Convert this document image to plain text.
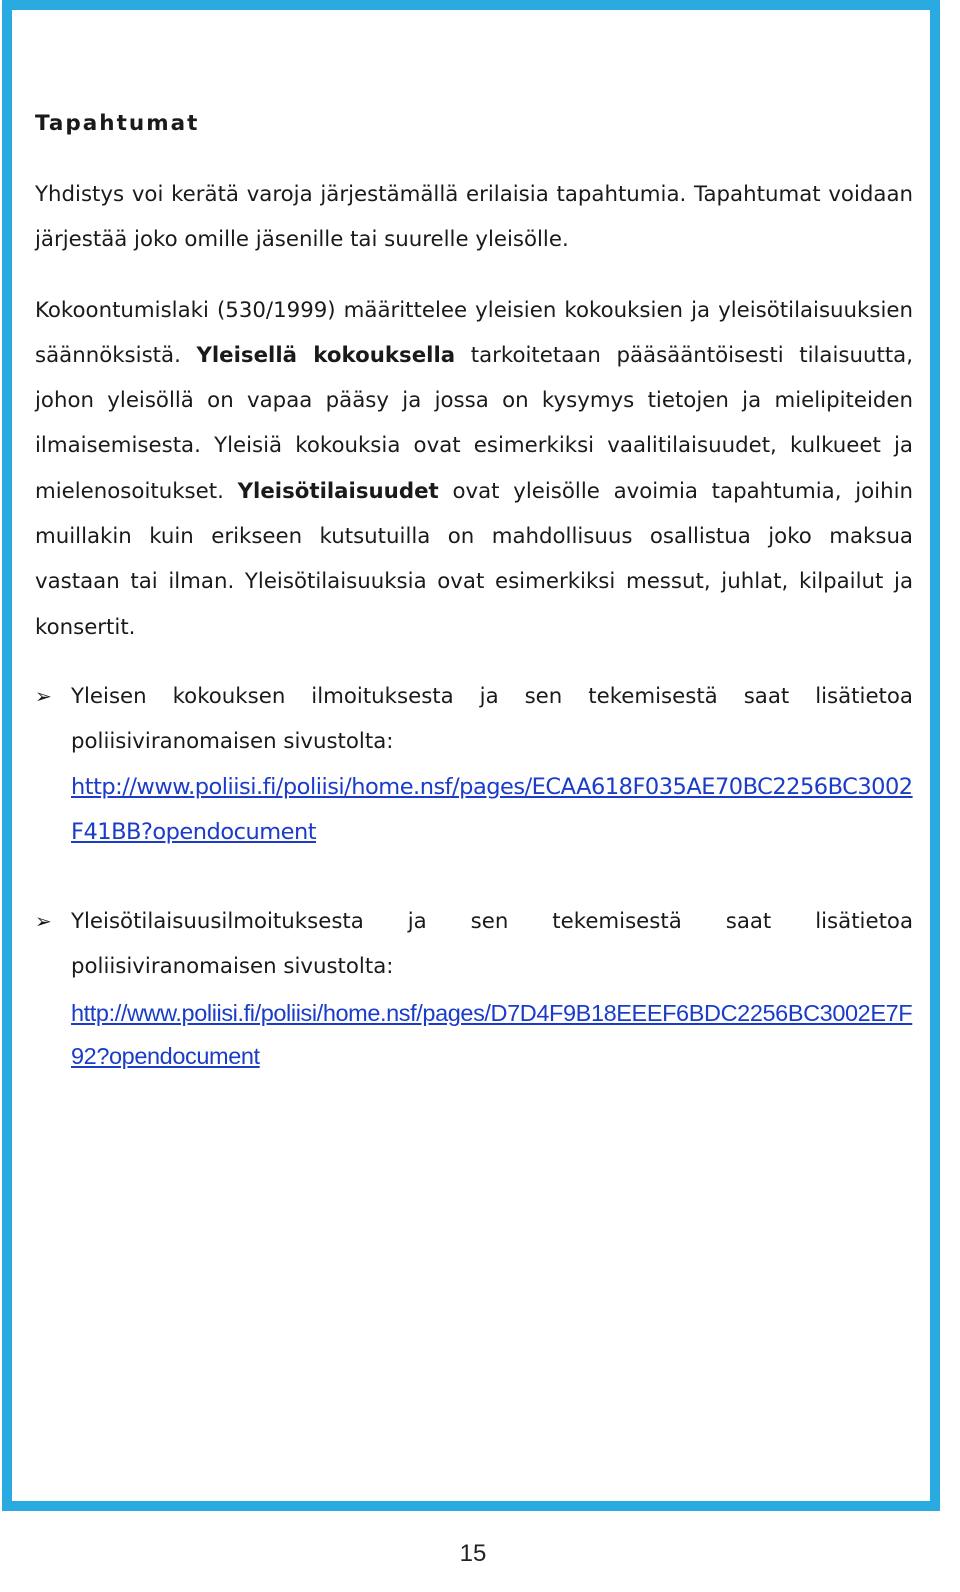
Tapahtumat

Yhdistys voi kerätä varoja järjestämällä erilaisia tapahtumia. Tapahtumat voidaan järjestää joko omille jäsenille tai suurelle yleisölle.

Kokoontumislaki (530/1999) määrittelee yleisien kokouksien ja yleisötilaisuuksien säännöksistä. Yleisellä kokouksella tarkoitetaan pääsääntöisesti tilaisuutta, johon yleisöllä on vapaa pääsy ja jossa on kysymys tietojen ja mielipiteiden ilmaisemisesta. Yleisiä kokouksia ovat esimerkiksi vaalitilaisuudet, kulkueet ja mielenosoitukset. Yleisötilaisuudet ovat yleisölle avoimia tapahtumia, joihin muillakin kuin erikseen kutsutuilla on mahdollisuus osallistua joko maksua vastaan tai ilman. Yleisötilaisuuksia ovat esimerkiksi messut, juhlat, kilpailut ja konsertit.

➢ Yleisen kokouksen ilmoituksesta ja sen tekemisestä saat lisätietoa poliisiviranomaisen sivustolta:
http://www.poliisi.fi/poliisi/home.nsf/pages/ECAA618F035AE70BC2256BC3002F41BB?opendocument
➢ Yleisötilaisuusilmoituksesta ja sen tekemisestä saat lisätietoa poliisiviranomaisen sivustolta:
http://www.poliisi.fi/poliisi/home.nsf/pages/D7D4F9B18EEEF6BDC2256BC3002E7F92?opendocument
15
